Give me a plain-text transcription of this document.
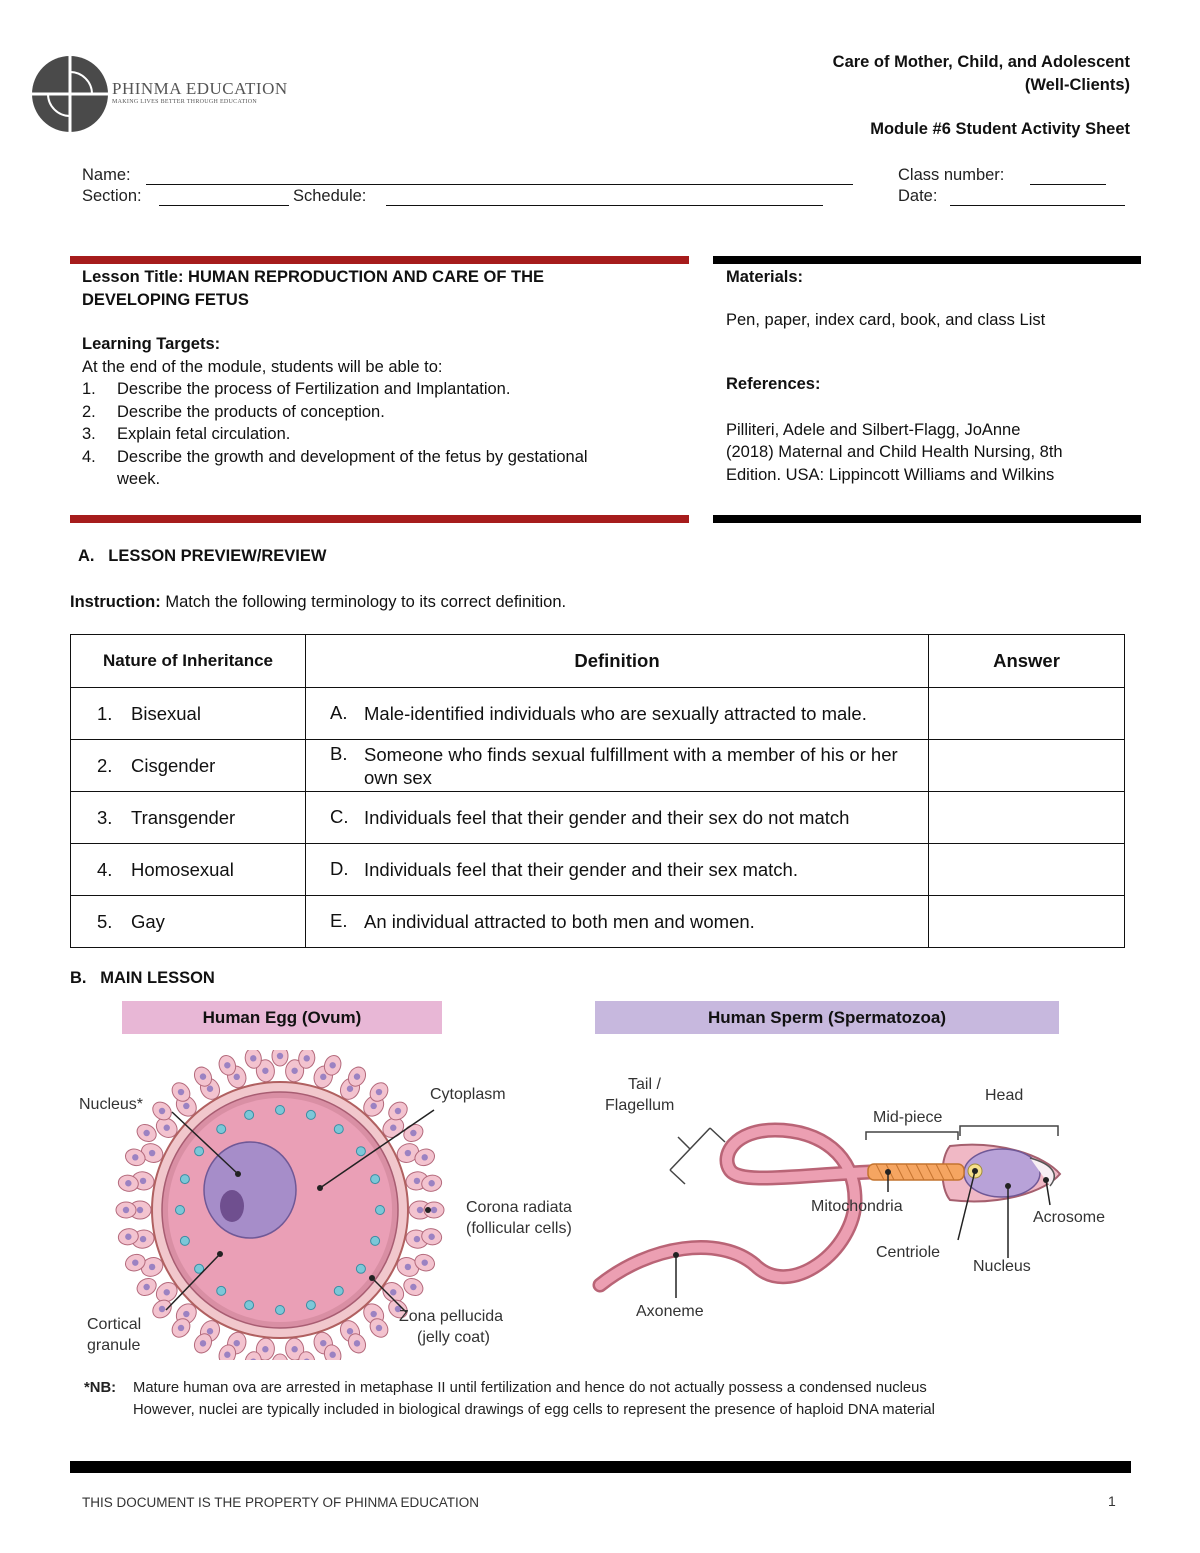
PHINMA EDUCATION
MAKING LIVES BETTER THROUGH EDUCATION
Care of Mother, Child, and Adolescent
(Well-Clients)
Module #6 Student Activity Sheet
Name:	Class number:
Section:	Schedule:	Date:
Lesson Title: HUMAN REPRODUCTION AND CARE OF THE
DEVELOPING FETUS
Learning Targets:
At the end of the module, students will be able to:
1. Describe the process of Fertilization and Implantation.
2. Describe the products of conception.
3. Explain fetal circulation.
4. Describe the growth and development of the fetus by gestational
week.
Materials:
Pen, paper, index card, book, and class List
References:
Pilliteri, Adele and Silbert-Flagg, JoAnne
(2018) Maternal and Child Health Nursing, 8th
Edition. USA: Lippincott Williams and Wilkins
A.   LESSON PREVIEW/REVIEW
Instruction: Match the following terminology to its correct definition.
Nature of Inheritance	Definition	Answer
1. Bisexual	A. Male-identified individuals who are sexually attracted to male.	
2. Cisgender	B. Someone who finds sexual fulfillment with a member of his or her own sex	
3. Transgender	C. Individuals feel that their gender and their sex do not match	
4. Homosexual	D. Individuals feel that their gender and their sex match.	
5. Gay	E. An individual attracted to both men and women.	
B.   MAIN LESSON
Human Egg (Ovum)	Human Sperm (Spermatozoa)
Nucleus*
Cytoplasm
Corona radiata
(follicular cells)
Cortical
granule
Zona pellucida
(jelly coat)
Tail /
Flagellum
Head
Mid-piece
Mitochondria
Acrosome
Centriole
Nucleus
Axoneme
*NB: Mature human ova are arrested in metaphase II until fertilization and hence do not actually possess a condensed nucleus
However, nuclei are typically included in biological drawings of egg cells to represent the presence of haploid DNA material
THIS DOCUMENT IS THE PROPERTY OF PHINMA EDUCATION	1
